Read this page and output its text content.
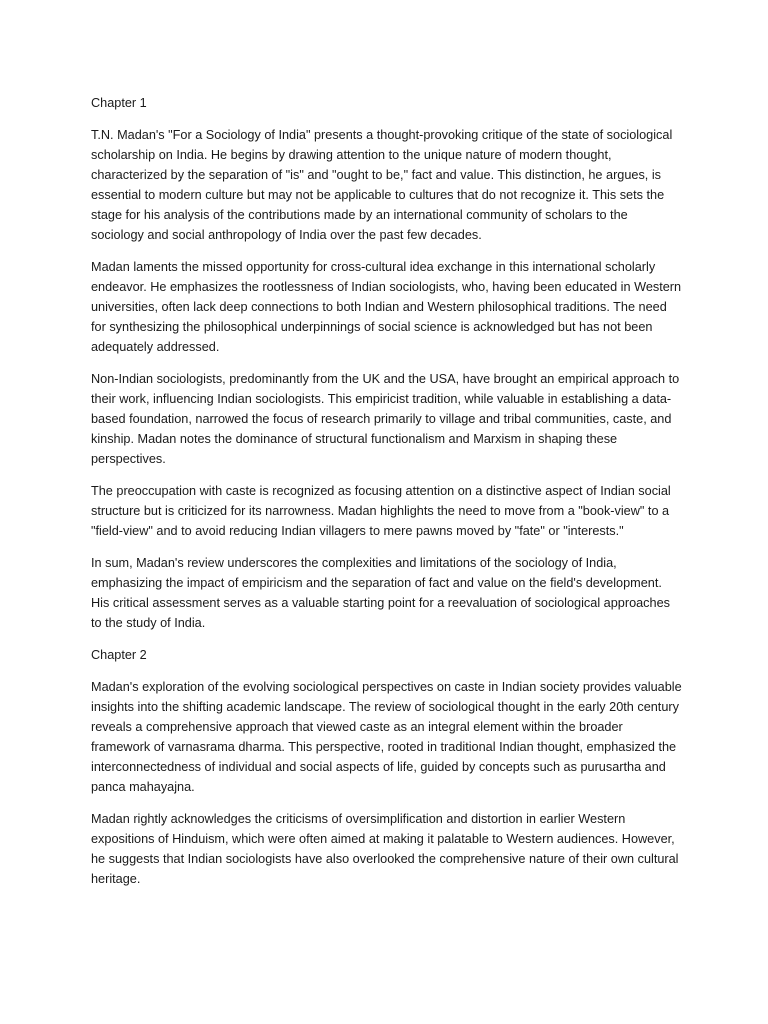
Chapter 1

T.N. Madan's "For a Sociology of India" presents a thought-provoking critique of the state of sociological scholarship on India. He begins by drawing attention to the unique nature of modern thought, characterized by the separation of "is" and "ought to be," fact and value. This distinction, he argues, is essential to modern culture but may not be applicable to cultures that do not recognize it. This sets the stage for his analysis of the contributions made by an international community of scholars to the sociology and social anthropology of India over the past few decades.

Madan laments the missed opportunity for cross-cultural idea exchange in this international scholarly endeavor. He emphasizes the rootlessness of Indian sociologists, who, having been educated in Western universities, often lack deep connections to both Indian and Western philosophical traditions. The need for synthesizing the philosophical underpinnings of social science is acknowledged but has not been adequately addressed.

Non-Indian sociologists, predominantly from the UK and the USA, have brought an empirical approach to their work, influencing Indian sociologists. This empiricist tradition, while valuable in establishing a data-based foundation, narrowed the focus of research primarily to village and tribal communities, caste, and kinship. Madan notes the dominance of structural functionalism and Marxism in shaping these perspectives.

The preoccupation with caste is recognized as focusing attention on a distinctive aspect of Indian social structure but is criticized for its narrowness. Madan highlights the need to move from a "book-view" to a "field-view" and to avoid reducing Indian villagers to mere pawns moved by "fate" or "interests."

In sum, Madan's review underscores the complexities and limitations of the sociology of India, emphasizing the impact of empiricism and the separation of fact and value on the field's development. His critical assessment serves as a valuable starting point for a reevaluation of sociological approaches to the study of India.

Chapter 2

Madan's exploration of the evolving sociological perspectives on caste in Indian society provides valuable insights into the shifting academic landscape. The review of sociological thought in the early 20th century reveals a comprehensive approach that viewed caste as an integral element within the broader framework of varnasrama dharma. This perspective, rooted in traditional Indian thought, emphasized the interconnectedness of individual and social aspects of life, guided by concepts such as purusartha and panca mahayajna.

Madan rightly acknowledges the criticisms of oversimplification and distortion in earlier Western expositions of Hinduism, which were often aimed at making it palatable to Western audiences. However, he suggests that Indian sociologists have also overlooked the comprehensive nature of their own cultural heritage.
